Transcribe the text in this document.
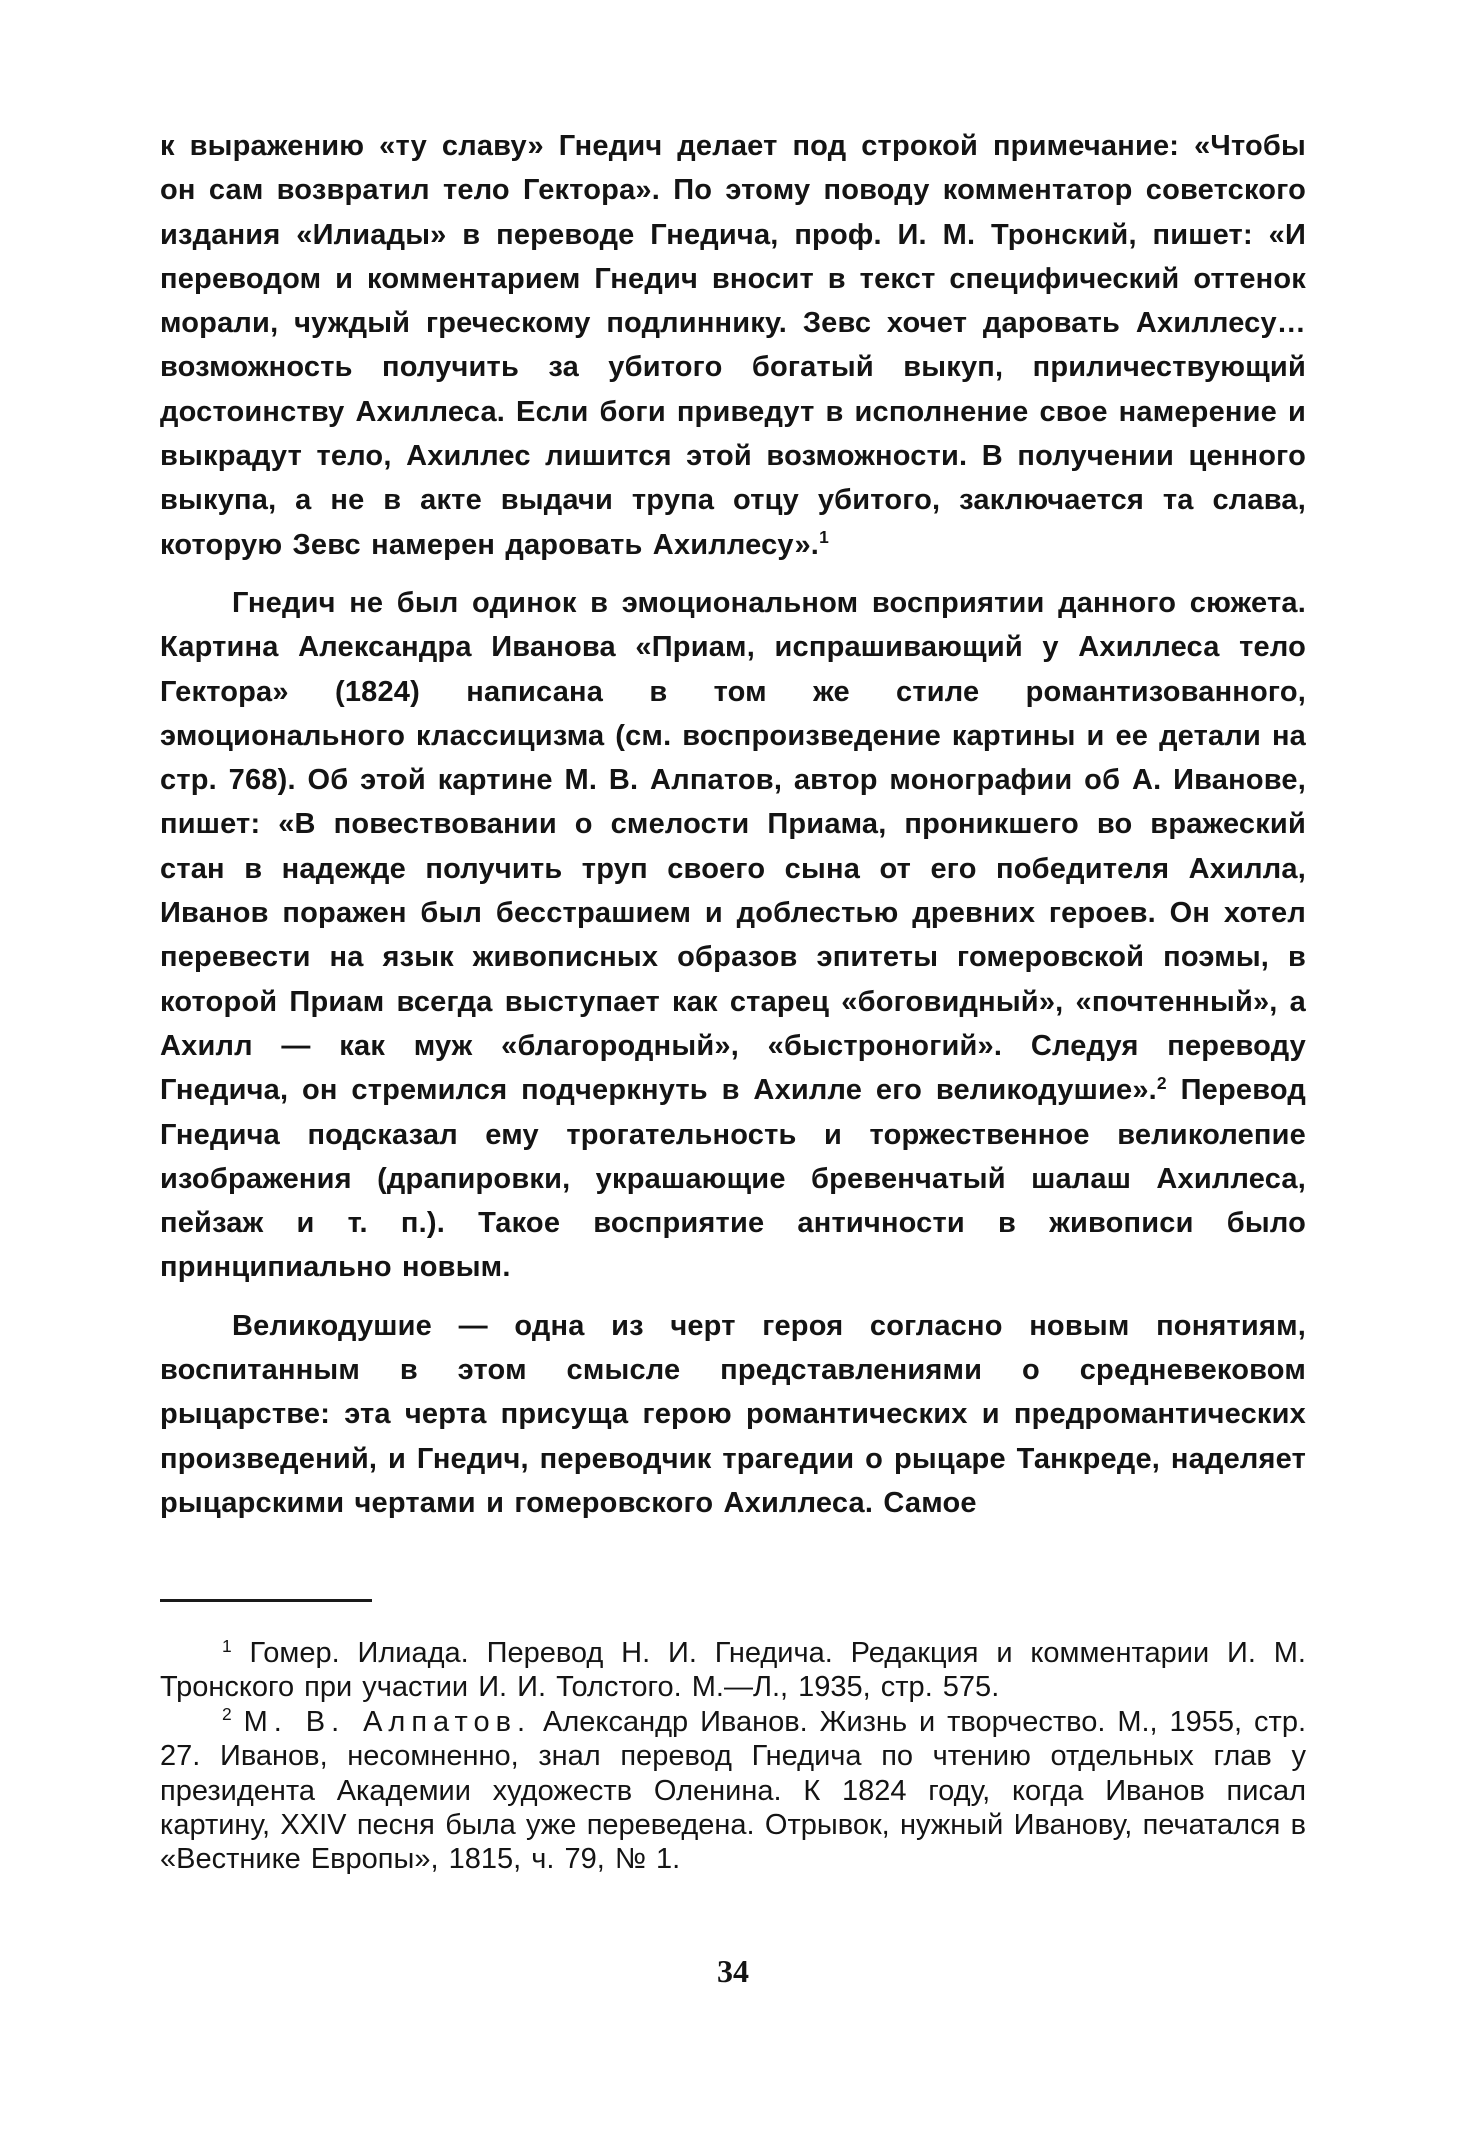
к выражению «ту славу» Гнедич делает под строкой примечание: «Чтобы он сам возвратил тело Гектора». По этому поводу комментатор советского издания «Илиады» в переводе Гнедича, проф. И. М. Тронский, пишет: «И переводом и комментарием Гнедич вносит в текст специфический оттенок морали, чуждый греческому подлиннику. Зевс хочет даровать Ахиллесу… возможность получить за убитого богатый выкуп, приличествующий достоинству Ахиллеса. Если боги приведут в исполнение свое намерение и выкрадут тело, Ахиллес лишится этой возможности. В получении ценного выкупа, а не в акте выдачи трупа отцу убитого, заключается та слава, которую Зевс намерен даровать Ахиллесу».$^1$

Гнедич не был одинок в эмоциональном восприятии данного сюжета. Картина Александра Иванова «Приам, испрашивающий у Ахиллеса тело Гектора» (1824) написана в том же стиле романтизованного, эмоционального классицизма (см. воспроизведение картины и ее детали на стр. 768). Об этой картине М. В. Алпатов, автор монографии об А. Иванове, пишет: «В повествовании о смелости Приама, проникшего во вражеский стан в надежде получить труп своего сына от его победителя Ахилла, Иванов поражен был бесстрашием и доблестью древних героев. Он хотел перевести на язык живописных образов эпитеты гомеровской поэмы, в которой Приам всегда выступает как старец «боговидный», «почтенный», а Ахилл — как муж «благородный», «быстроногий». Следуя переводу Гнедича, он стремился подчеркнуть в Ахилле его великодушие».$^2$ Перевод Гнедича подсказал ему трогательность и торжественное великолепие изображения (драпировки, украшающие бревенчатый шалаш Ахиллеса, пейзаж и т. п.). Такое восприятие античности в живописи было принципиально новым.

Великодушие — одна из черт героя согласно новым понятиям, воспитанным в этом смысле представлениями о средневековом рыцарстве: эта черта присуща герою романтических и предромантических произведений, и Гнедич, переводчик трагедии о рыцаре Танкреде, наделяет рыцарскими чертами и гомеровского Ахиллеса. Самое

$^1$ Гомер. Илиада. Перевод Н. И. Гнедича. Редакция и комментарии И. М. Тронского при участии И. И. Толстого. М.—Л., 1935, стр. 575.

$^2$ М. В. Алпатов. Александр Иванов. Жизнь и творчество. М., 1955, стр. 27. Иванов, несомненно, знал перевод Гнедича по чтению отдельных глав у президента Академии художеств Оленина. К 1824 году, когда Иванов писал картину, XXIV песня была уже переведена. Отрывок, нужный Иванову, печатался в «Вестнике Европы», 1815, ч. 79, № 1.

34
